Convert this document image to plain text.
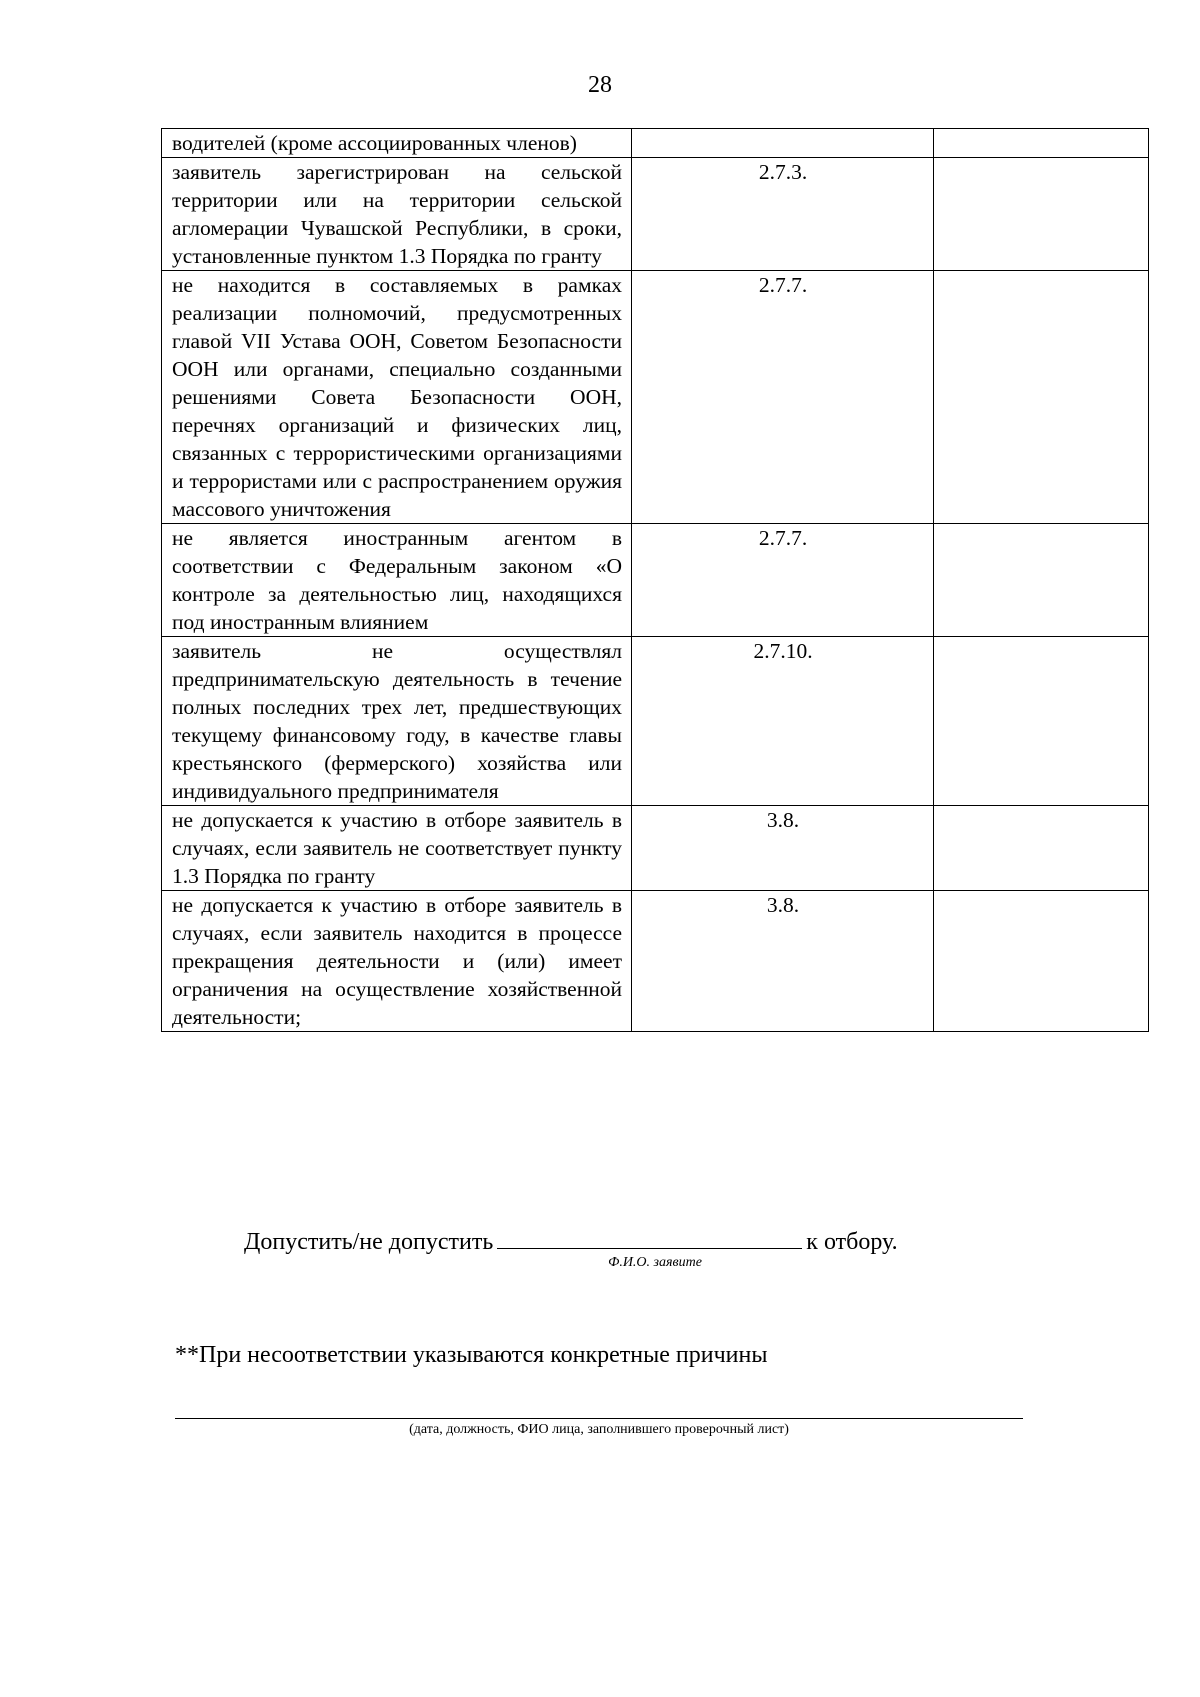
28
водителей (кроме ассоциированных членов)		
заявитель зарегистрирован на сельской территории или на территории сельской агломерации Чувашской Республики, в сроки, установленные пунктом 1.3 Порядка по гранту	2.7.3.	
не находится в составляемых в рамках реализации полномочий, предусмотренных главой VII Устава ООН, Советом Безопасности ООН или органами, специально созданными решениями Совета Безопасности ООН, перечнях организаций и физических лиц, связанных с террористическими организациями и террористами или с распространением оружия массового уничтожения	2.7.7.	
не является иностранным агентом в соответствии с Федеральным законом «О контроле за деятельностью лиц, находящихся под иностранным влиянием	2.7.7.	
заявитель не осуществлял предпринимательскую деятельность в течение полных последних трех лет, предшествующих текущему финансовому году, в качестве главы крестьянского (фермерского) хозяйства или индивидуального предпринимателя	2.7.10.	
не допускается к участию в отборе заявитель в случаях, если заявитель не соответствует пункту 1.3 Порядка по гранту	3.8.	
не допускается к участию в отборе заявитель в случаях, если заявитель находится в процессе прекращения деятельности и (или) имеет ограничения на осуществление хозяйственной деятельности;	3.8.	
Допустить/не допустить	к отбору.
Ф.И.О. заявите
**При несоответствии указываются конкретные причины
(дата, должность, ФИО лица, заполнившего проверочный лист)
